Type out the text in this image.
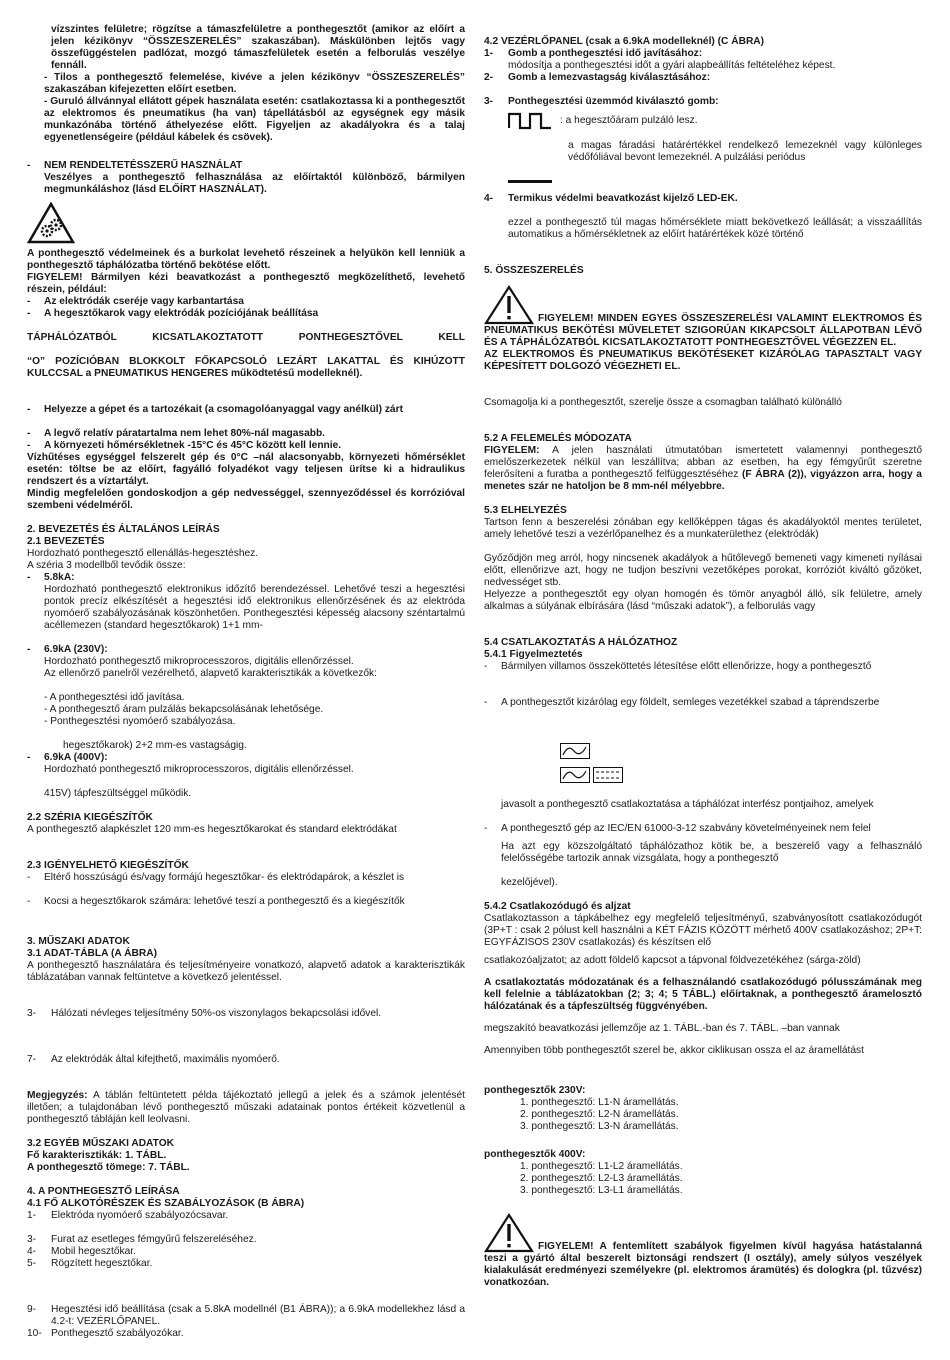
vízszintes felületre; rögzítse a támaszfelületre a ponthegesztőt (amikor az előírt a jelen kézikönyv “ÖSSZESZERELÉS” szakaszában). Máskülönben lejtős vagy összefüggéstelen padlózat, mozgó támaszfelületek esetén a felborulás veszélye fennáll.

- Tilos a ponthegesztő felemelése, kivéve a jelen kézikönyv “ÖSSZESZERELÉS” szakaszában kifejezetten előírt esetben.

- Guruló állvánnyal ellátott gépek használata esetén: csatlakoztassa ki a ponthegesztőt az elektromos és pneumatikus (ha van) tápellátásból az egységnek egy másik munkazónába történő áthelyezése előtt. Figyeljen az akadályokra és a talaj egyenetlenségeire (például kábelek és csövek).

-	NEM RENDELTETÉSSZERŰ HASZNÁLAT

Veszélyes a ponthegesztő felhasználása az előírtaktól különböző, bármilyen megmunkáláshoz (lásd ELŐÍRT HASZNÁLAT).

A ponthegesztő védelmeinek és a burkolat levehető részeinek a helyükön kell lenniük a ponthegesztő táphálózatba történő bekötése előtt.

FIGYELEM! Bármilyen kézi beavatkozást a ponthegesztő megközelíthető, levehető részein, például:

-	Az elektródák cseréje vagy karbantartása
-	A hegesztőkarok vagy elektródák pozíciójának beállítása

TÁPHÁLÓZATBÓL KICSATLAKOZTATOTT PONTHEGESZTŐVEL KELL

“O” POZÍCIÓBAN BLOKKOLT FŐKAPCSOLÓ LEZÁRT LAKATTAL ÉS KIHÚZOTT KULCCSAL a PNEUMATIKUS HENGERES működtetésű modelleknél).

-	Helyezze a gépet és a tartozékait (a csomagolóanyaggal vagy anélkül) zárt
-	A legvő relatív páratartalma nem lehet 80%-nál magasabb.
-	A környezeti hőmérsékletnek -15°C és 45°C között kell lennie.

Vízhűtéses egységgel felszerelt gép és 0°C –nál alacsonyabb, környezeti hőmérséklet esetén: töltse be az előírt, fagyálló folyadékot vagy teljesen ürítse ki a hidraulikus rendszert és a víztartályt.

Mindig megfelelően gondoskodjon a gép nedvességgel, szennyeződéssel és korrózióval szembeni védelméről.

2. BEVEZETÉS ÉS ÁLTALÁNOS LEÍRÁS

2.1 BEVEZETÉS

Hordozható ponthegesztő ellenállás-hegesztéshez.

A széria 3 modellből tevődik össze:

-	5.8kA:

Hordozható ponthegesztő elektronikus időzítő berendezéssel. Lehetővé teszi a hegesztési pontok precíz elkészítését a hegesztési idő elektronikus ellenőrzésének és az elektróda nyomóerő szabályozásának köszönhetően. Ponthegesztési képesség alacsony széntartalmú acéllemezen (standard hegesztőkarok) 1+1 mm-

-	6.9kA (230V):

Hordozható ponthegesztő mikroprocesszoros, digitális ellenőrzéssel.

Az ellenőrző panelről vezérelhető, alapvető karakterisztikák a következők:

- A ponthegesztési idő javítása.

- A ponthegesztő áram pulzálás bekapcsolásának lehetősége.

- Ponthegesztési nyomóerő szabályozása.

hegesztőkarok) 2+2 mm-es vastagságig.

-	6.9kA (400V):

Hordozható ponthegesztő mikroprocesszoros, digitális ellenőrzéssel.

415V) tápfeszültséggel működik.

2.2 SZÉRIA KIEGÉSZÍTŐK

A ponthegesztő alapkészlet 120 mm-es hegesztőkarokat és standard elektródákat

2.3 IGÉNYELHETŐ KIEGÉSZÍTŐK

-	Eltérő hosszúságú és/vagy formájú hegesztőkar- és elektródapárok, a készlet is
-	Kocsi a hegesztőkarok számára: lehetővé teszi a ponthegesztő és a kiegészítők

3. MŰSZAKI ADATOK

3.1 ADAT-TÁBLA (A ÁBRA)

A ponthegesztő használatára és teljesítményeire vonatkozó, alapvető adatok a karakterisztikák táblázatában vannak feltüntetve a következő jelentéssel.

3-	Hálózati névleges teljesítmény 50%-os viszonylagos bekapcsolási idővel.
7-	Az elektródák által kifejthető, maximális nyomóerő.

Megjegyzés: A táblán feltüntetett példa tájékoztató jellegű a jelek és a számok jelentését illetően; a tulajdonában lévő ponthegesztő műszaki adatainak pontos értékeit közvetlenül a ponthegesztő tábláján kell leolvasni.

3.2 EGYÉB MŰSZAKI ADATOK

Fő karakterisztikák: 1. TÁBL.

A ponthegesztő tömege: 7. TÁBL.

4. A PONTHEGESZTŐ LEÍRÁSA

4.1 FŐ ALKOTÓRÉSZEK ÉS SZABÁLYOZÁSOK (B ÁBRA)

1-	Elektróda nyomóerő szabályozócsavar.
3-	Furat az esetleges fémgyűrű felszereléséhez.
4-	Mobil hegesztőkar.
5-	Rögzített hegesztőkar.
9-	Hegesztési idő beállítása (csak a 5.8kA modellnél (B1 ÁBRA)); a 6.9kA modellekhez lásd a 4.2-t: VEZÉRLŐPANEL.
10- Ponthegesztő szabályozókar.

4.2 VEZÉRLŐPANEL (csak a 6.9kA modelleknél) (C ÁBRA)

1-	Gomb a ponthegesztési idő javításához:

módosítja a ponthegesztési időt a gyári alapbeállítás feltételéhez képest.

2-	Gomb a lemezvastagság kiválasztásához:
3-	Ponthegesztési üzemmód kiválasztó gomb:
: a hegesztőáram pulzáló lesz.

a magas fáradási határértékkel rendelkező lemezeknél vagy különleges védőfóliával bevont lemezeknél. A pulzálási periódus

4-	Termikus védelmi beavatkozást kijelző LED-EK.

ezzel a ponthegesztő túl magas hőmérséklete miatt bekövetkező leállását; a visszaállítás automatikus a hőmérsékletnek az előírt határértékek közé történő

5. ÖSSZESZERELÉS

FIGYELEM! MINDEN EGYES ÖSSZESZERELÉSI VALAMINT ELEKTROMOS ÉS PNEUMATIKUS BEKÖTÉSI MŰVELETET SZIGORÚAN KIKAPCSOLT ÁLLAPOTBAN LÉVŐ ÉS A TÁPHÁLÓZATBÓL KICSATLAKOZTATOTT PONTHEGESZTŐVEL VÉGEZZEN EL.

AZ ELEKTROMOS ÉS PNEUMATIKUS BEKÖTÉSEKET KIZÁRÓLAG TAPASZTALT VAGY KÉPESÍTETT DOLGOZÓ VÉGEZHETI EL.

Csomagolja ki a ponthegesztőt, szerelje össze a csomagban található különálló

5.2 A FELEMELÉS MÓDOZATA

FIGYELEM: A jelen használati útmutatóban ismertetett valamennyi ponthegesztő emelőszerkezetek nélkül van leszállítva; abban az esetben, ha egy fémgyűrűt szeretne felerősíteni a furatba a ponthegesztő felfüggesztéséhez (F ÁBRA (2)), vigyázzon arra, hogy a menetes szár ne hatoljon be 8 mm-nél mélyebbre.

5.3 ELHELYEZÉS

Tartson fenn a beszerelési zónában egy kellőképpen tágas és akadályoktól mentes területet, amely lehetővé teszi a vezérlőpanelhez és a munkaterülethez (elektródák)

Győződjön meg arról, hogy nincsenek akadályok a hűtőlevegő bemeneti vagy kimeneti nyílásai előtt, ellenőrizve azt, hogy ne tudjon beszívni vezetőképes porokat, korróziót kiváltó gőzöket, nedvességet stb.

Helyezze a ponthegesztőt egy olyan homogén és tömör anyagból álló, sík felületre, amely alkalmas a súlyának elbírására (lásd “műszaki adatok”), a felborulás vagy

5.4 CSATLAKOZTATÁS A HÁLÓZATHOZ

5.4.1 Figyelmeztetés

-	Bármilyen villamos összeköttetés létesítése előtt ellenőrizze, hogy a ponthegesztő
-	A ponthegesztőt kizárólag egy földelt, semleges vezetékkel szabad a táprendszerbe

javasolt a ponthegesztő csatlakoztatása a táphálózat interfész pontjaihoz, amelyek

-	A ponthegesztő gép az IEC/EN 61000-3-12 szabvány követelményeinek nem felel

Ha azt egy közszolgáltató táphálózathoz kötik be, a beszerelő vagy a felhasználó felelősségébe tartozik annak vizsgálata, hogy a ponthegesztő

kezelőjével).

5.4.2 Csatlakozódugó és aljzat

Csatlakoztasson a tápkábelhez egy megfelelő teljesítményű, szabványosított csatlakozódugót (3P+T : csak 2 pólust kell használni a KÉT FÁZIS KÖZÖTT mérhető 400V csatlakozáshoz; 2P+T: EGYFÁZISOS 230V csatlakozás) és készítsen elő

csatlakozóaljzatot; az adott földelő kapcsot a tápvonal földvezetékéhez (sárga-zöld)

A csatlakoztatás módozatának és a felhasználandó csatlakozódugó pólusszámának meg kell felelnie a táblázatokban (2; 3; 4; 5 TÁBL.) előírtaknak, a ponthegesztő áramelosztó hálózatának és a tápfeszültség függvényében.

megszakító beavatkozási jellemzője az 1. TÁBL.-ban és 7. TÁBL. –ban vannak

Amennyiben több ponthegesztőt szerel be, akkor ciklikusan ossza el az áramellátást

ponthegesztők 230V:

1. ponthegesztő: L1-N áramellátás.

2. ponthegesztő: L2-N áramellátás.

3. ponthegesztő: L3-N áramellátás.

ponthegesztők 400V:

1. ponthegesztő: L1-L2 áramellátás.

2. ponthegesztő: L2-L3 áramellátás.

3. ponthegesztő: L3-L1 áramellátás.

FIGYELEM! A fentemlített szabályok figyelmen kívül hagyása hatástalanná teszi a gyártó által beszerelt biztonsági rendszert (I osztály), amely súlyos veszélyek kialakulását eredményezi személyekre (pl. elektromos áramütés) és dologkra (pl. tűzvész) vonatkozóan.
